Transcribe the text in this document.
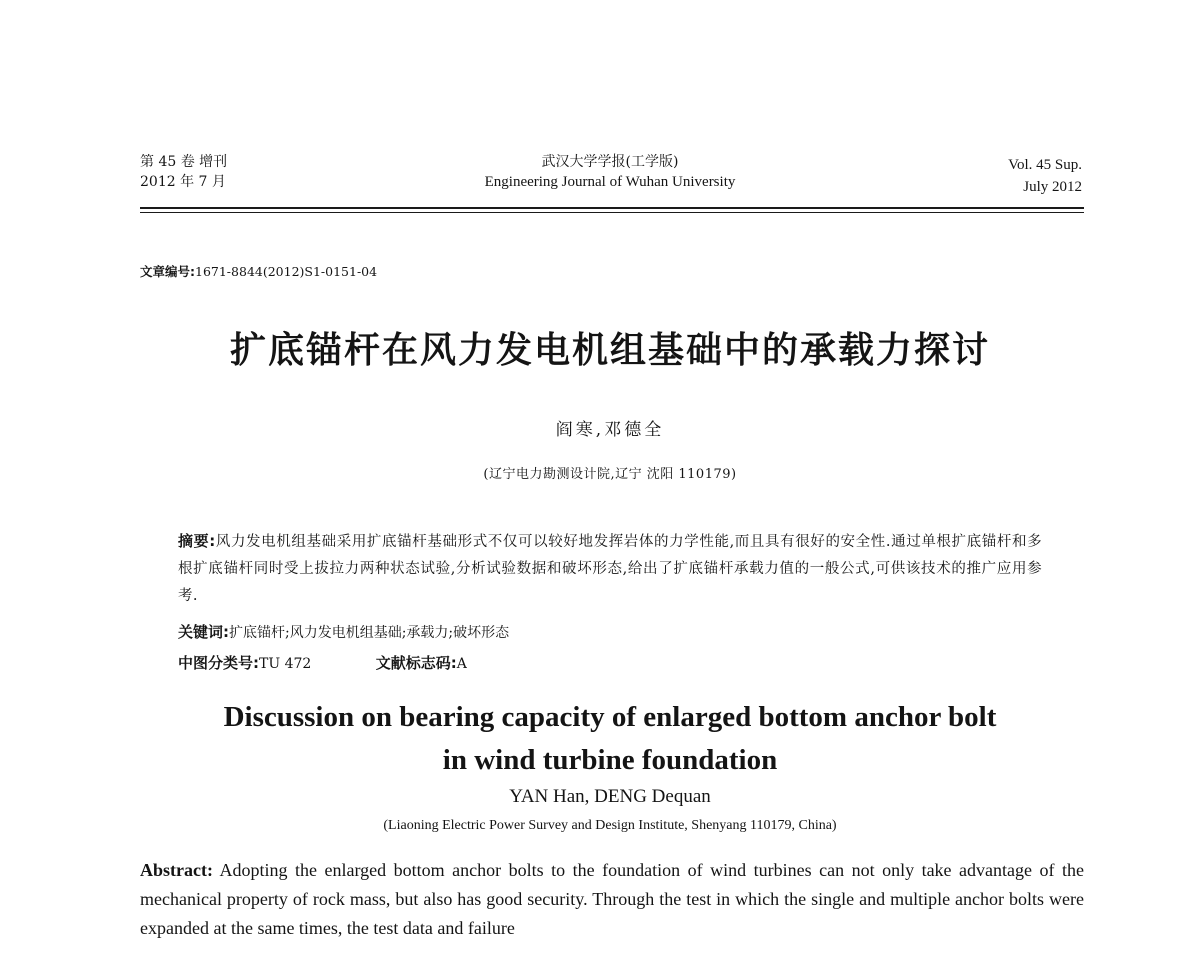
第 45 卷 增刊
2012 年 7 月
武汉大学学报(工学版)
Engineering Journal of Wuhan University
Vol. 45 Sup.
July 2012
文章编号:1671-8844(2012)S1-0151-04
扩底锚杆在风力发电机组基础中的承载力探讨
阎寒,邓德全
(辽宁电力勘测设计院,辽宁 沈阳 110179)
摘要:风力发电机组基础采用扩底锚杆基础形式不仅可以较好地发挥岩体的力学性能,而且具有很好的安全性.通过单根扩底锚杆和多根扩底锚杆同时受上拔拉力两种状态试验,分析试验数据和破坏形态,给出了扩底锚杆承载力值的一般公式,可供该技术的推广应用参考.
关键词:扩底锚杆;风力发电机组基础;承载力;破坏形态
中图分类号:TU 472	文献标志码:A
Discussion on bearing capacity of enlarged bottom anchor bolt
in wind turbine foundation
YAN Han, DENG Dequan
(Liaoning Electric Power Survey and Design Institute, Shenyang 110179, China)
Abstract: Adopting the enlarged bottom anchor bolts to the foundation of wind turbines can not only take advantage of the mechanical property of rock mass, but also has good security. Through the test in which the single and multiple anchor bolts were expanded at the same times, the test data and failure
